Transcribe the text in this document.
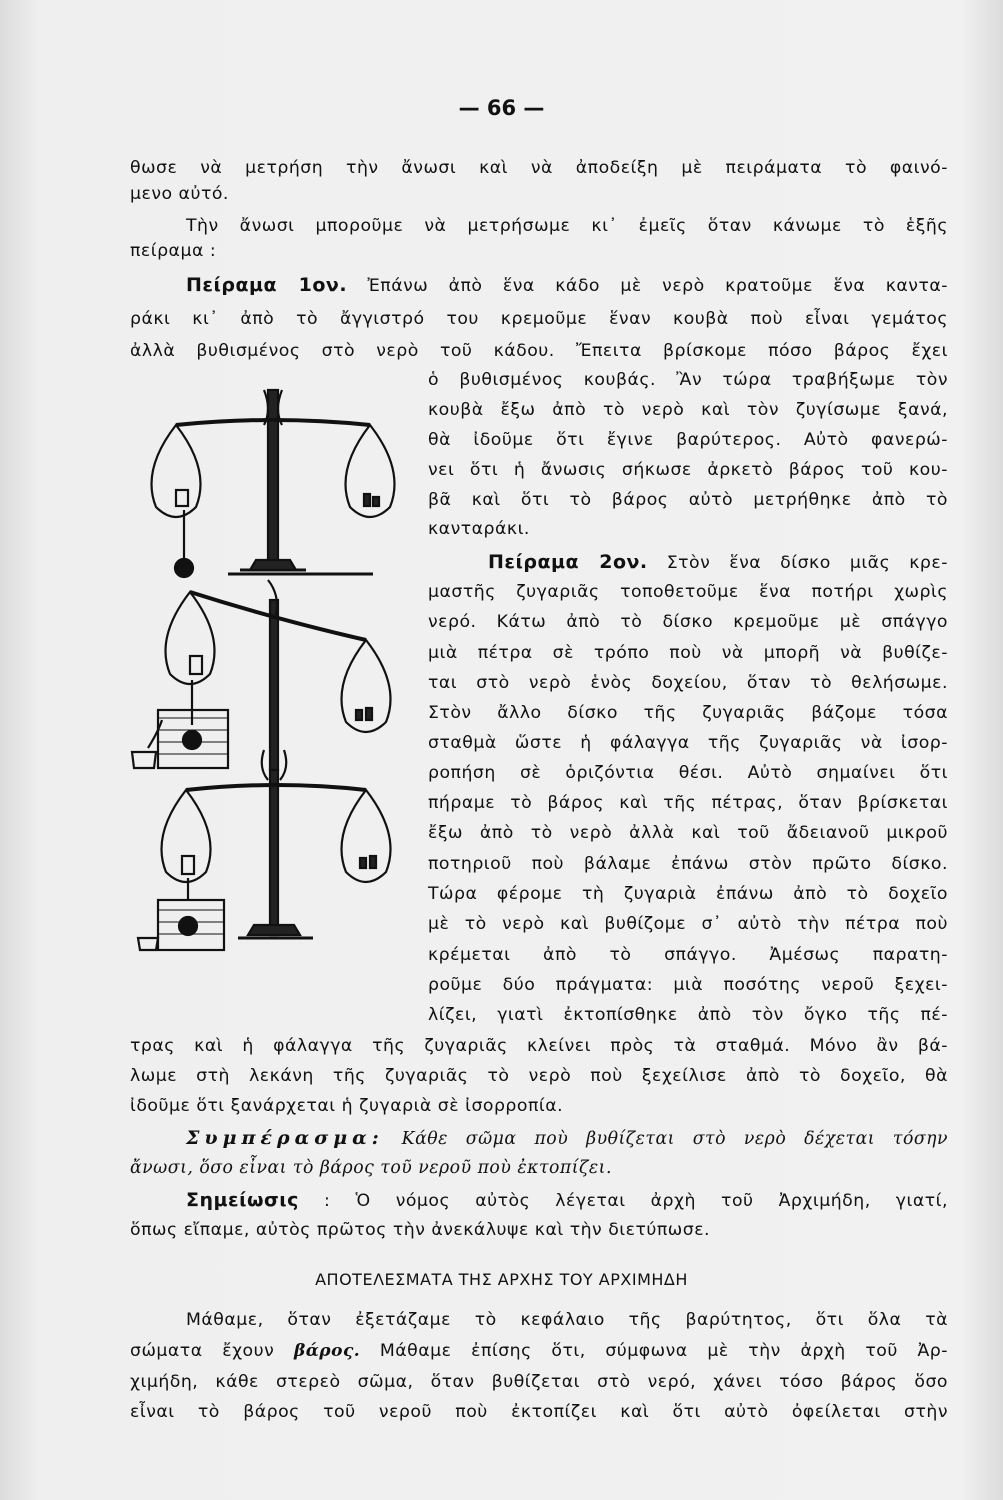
— 66 —
θωσε νὰ μετρήση τὴν ἄνωσι καὶ νὰ ἀποδείξη μὲ πειράματα τὸ φαινό-
μενο αὐτό.
Τὴν ἄνωσι μποροῦμε νὰ μετρήσωμε κι᾽ ἐμεῖς ὅταν κάνωμε τὸ ἑξῆς
πείραμα :
Πείραμα 1ον. Ἐπάνω ἀπὸ ἕνα κάδο μὲ νερὸ κρατοῦμε ἕνα καντα-
ράκι κι᾽ ἀπὸ τὸ ἄγγιστρό του κρεμοῦμε ἕναν κουβὰ ποὺ εἶναι γεμάτος
ἀλλὰ βυθισμένος στὸ νερὸ τοῦ κάδου. Ἔπειτα βρίσκομε πόσο βάρος ἔχει
ὁ βυθισμένος κουβάς. Ἂν τώρα τραβήξωμε τὸν
κουβὰ ἔξω ἀπὸ τὸ νερὸ καὶ τὸν ζυγίσωμε ξανά,
θὰ ἰδοῦμε ὅτι ἔγινε βαρύτερος. Αὐτὸ φανερώ-
νει ὅτι ἡ ἄνωσις σήκωσε ἀρκετὸ βάρος τοῦ κου-
βᾶ καὶ ὅτι τὸ βάρος αὐτὸ μετρήθηκε ἀπὸ τὸ
κανταράκι.
Πείραμα 2ον. Στὸν ἕνα δίσκο μιᾶς κρε-
μαστῆς ζυγαριᾶς τοποθετοῦμε ἕνα ποτήρι χωρὶς
νερό. Κάτω ἀπὸ τὸ δίσκο κρεμοῦμε μὲ σπάγγο
μιὰ πέτρα σὲ τρόπο ποὺ νὰ μπορῆ νὰ βυθίζε-
ται στὸ νερὸ ἑνὸς δοχείου, ὅταν τὸ θελήσωμε.
Στὸν ἄλλο δίσκο τῆς ζυγαριᾶς βάζομε τόσα
σταθμὰ ὥστε ἡ φάλαγγα τῆς ζυγαριᾶς νὰ ἰσορ-
ροπήση σὲ ὁριζόντια θέσι. Αὐτὸ σημαίνει ὅτι
πήραμε τὸ βάρος καὶ τῆς πέτρας, ὅταν βρίσκεται
ἔξω ἀπὸ τὸ νερὸ ἀλλὰ καὶ τοῦ ἄδειανοῦ μικροῦ
ποτηριοῦ ποὺ βάλαμε ἐπάνω στὸν πρῶτο δίσκο.
Τώρα φέρομε τὴ ζυγαριὰ ἐπάνω ἀπὸ τὸ δοχεῖο
μὲ τὸ νερὸ καὶ βυθίζομε σ᾽ αὐτὸ τὴν πέτρα ποὺ
κρέμεται ἀπὸ τὸ σπάγγο. Ἀμέσως παρατη-
ροῦμε δύο πράγματα: μιὰ ποσότης νεροῦ ξεχει-
λίζει, γιατὶ ἐκτοπίσθηκε ἀπὸ τὸν ὄγκο τῆς πέ-
τρας καὶ ἡ φάλαγγα τῆς ζυγαριᾶς κλείνει πρὸς τὰ σταθμά. Μόνο ἂν βά-
λωμε στὴ λεκάνη τῆς ζυγαριᾶς τὸ νερὸ ποὺ ξεχείλισε ἀπὸ τὸ δοχεῖο, θὰ
ἰδοῦμε ὅτι ξανάρχεται ἡ ζυγαριὰ σὲ ἰσορροπία.
Συμπέρασμα: Κάθε σῶμα ποὺ βυθίζεται στὸ νερὸ δέχεται τόσην
ἄνωσι, ὅσο εἶναι τὸ βάρος τοῦ νεροῦ ποὺ ἐκτοπίζει.
Σημείωσις : Ὁ νόμος αὐτὸς λέγεται ἀρχὴ τοῦ Ἀρχιμήδη, γιατί,
ὅπως εἴπαμε, αὐτὸς πρῶτος τὴν ἀνεκάλυψε καὶ τὴν διετύπωσε.
ΑΠΟΤΕΛΕΣΜΑΤΑ ΤΗΣ ΑΡΧΗΣ ΤΟΥ ΑΡΧΙΜΗΔΗ
Μάθαμε, ὅταν ἐξετάζαμε τὸ κεφάλαιο τῆς βαρύτητος, ὅτι ὅλα τὰ
σώματα ἔχουν βάρος. Μάθαμε ἐπίσης ὅτι, σύμφωνα μὲ τὴν ἀρχὴ τοῦ Ἀρ-
χιμήδη, κάθε στερεὸ σῶμα, ὅταν βυθίζεται στὸ νερό, χάνει τόσο βάρος ὅσο
εἶναι τὸ βάρος τοῦ νεροῦ ποὺ ἐκτοπίζει καὶ ὅτι αὐτὸ ὀφείλεται στὴν
